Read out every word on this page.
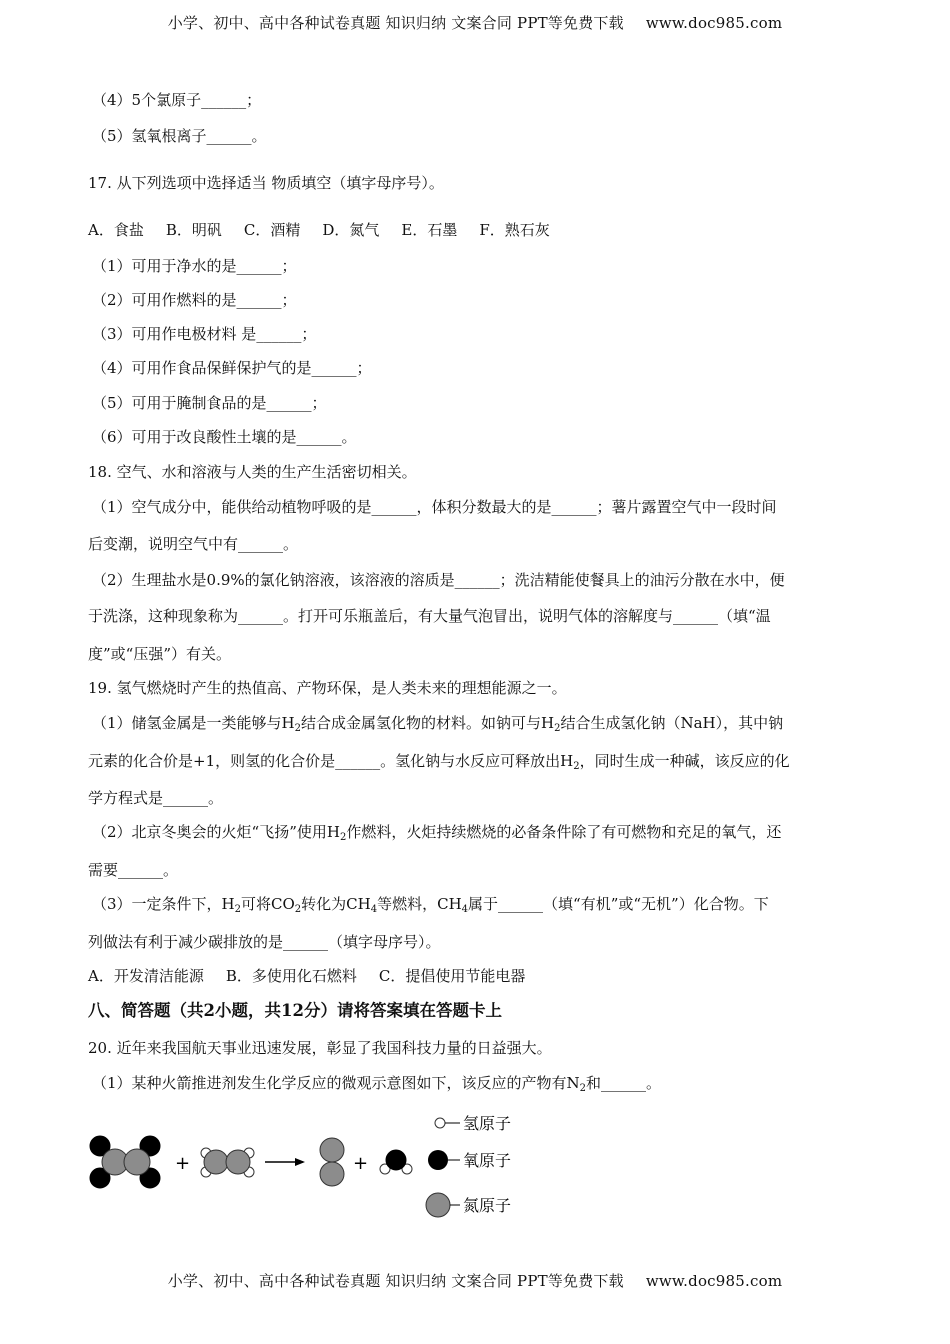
小学、初中、高中各种试卷真题 知识归纳 文案合同 PPT等免费下载 www.doc985.com
（4）5个氯原子______；
（5）氢氧根离子______。
17. 从下列选项中选择适当 物质填空（填字母序号）。
A．食盐 B．明矾 C．酒精 D．氮气 E．石墨 F．熟石灰
（1）可用于净水的是______；
（2）可用作燃料的是______；
（3）可用作电极材料 是______；
（4）可用作食品保鲜保护气的是______；
（5）可用于腌制食品的是______；
（6）可用于改良酸性土壤的是______。
18. 空气、水和溶液与人类的生产生活密切相关。
（1）空气成分中，能供给动植物呼吸的是______，体积分数最大的是______；薯片露置空气中一段时间
后变潮，说明空气中有______。
（2）生理盐水是0.9%的氯化钠溶液，该溶液的溶质是______；洗洁精能使餐具上的油污分散在水中，便
于洗涤，这种现象称为______。打开可乐瓶盖后，有大量气泡冒出，说明气体的溶解度与______（填“温
度”或“压强”）有关。
19. 氢气燃烧时产生的热值高、产物环保，是人类未来的理想能源之一。
（1）储氢金属是一类能够与$H_2$结合成金属氢化物的材料。如钠可与$H_2$结合生成氢化钠（NaH），其中钠
元素的化合价是+1，则氢的化合价是______。氢化钠与水反应可释放出$H_2$，同时生成一种碱，该反应的化
学方程式是______。
（2）北京冬奥会的火炬“飞扬”使用$H_2$作燃料，火炬持续燃烧的必备条件除了有可燃物和充足的氧气，还
需要______。
（3）一定条件下，$H_2$可将$CO_2$转化为$CH_4$等燃料，$CH_4$属于______（填“有机”或“无机”）化合物。下
列做法有利于减少碳排放的是______（填字母序号）。
A．开发清洁能源 B．多使用化石燃料 C．提倡使用节能电器
八、简答题（共2小题，共12分）请将答案填在答题卡上
20. 近年来我国航天事业迅速发展，彰显了我国科技力量的日益强大。
（1）某种火箭推进剂发生化学反应的微观示意图如下，该反应的产物有$N_2$和______。
+	+
氢原子
氧原子
氮原子
小学、初中、高中各种试卷真题 知识归纳 文案合同 PPT等免费下载 www.doc985.com
